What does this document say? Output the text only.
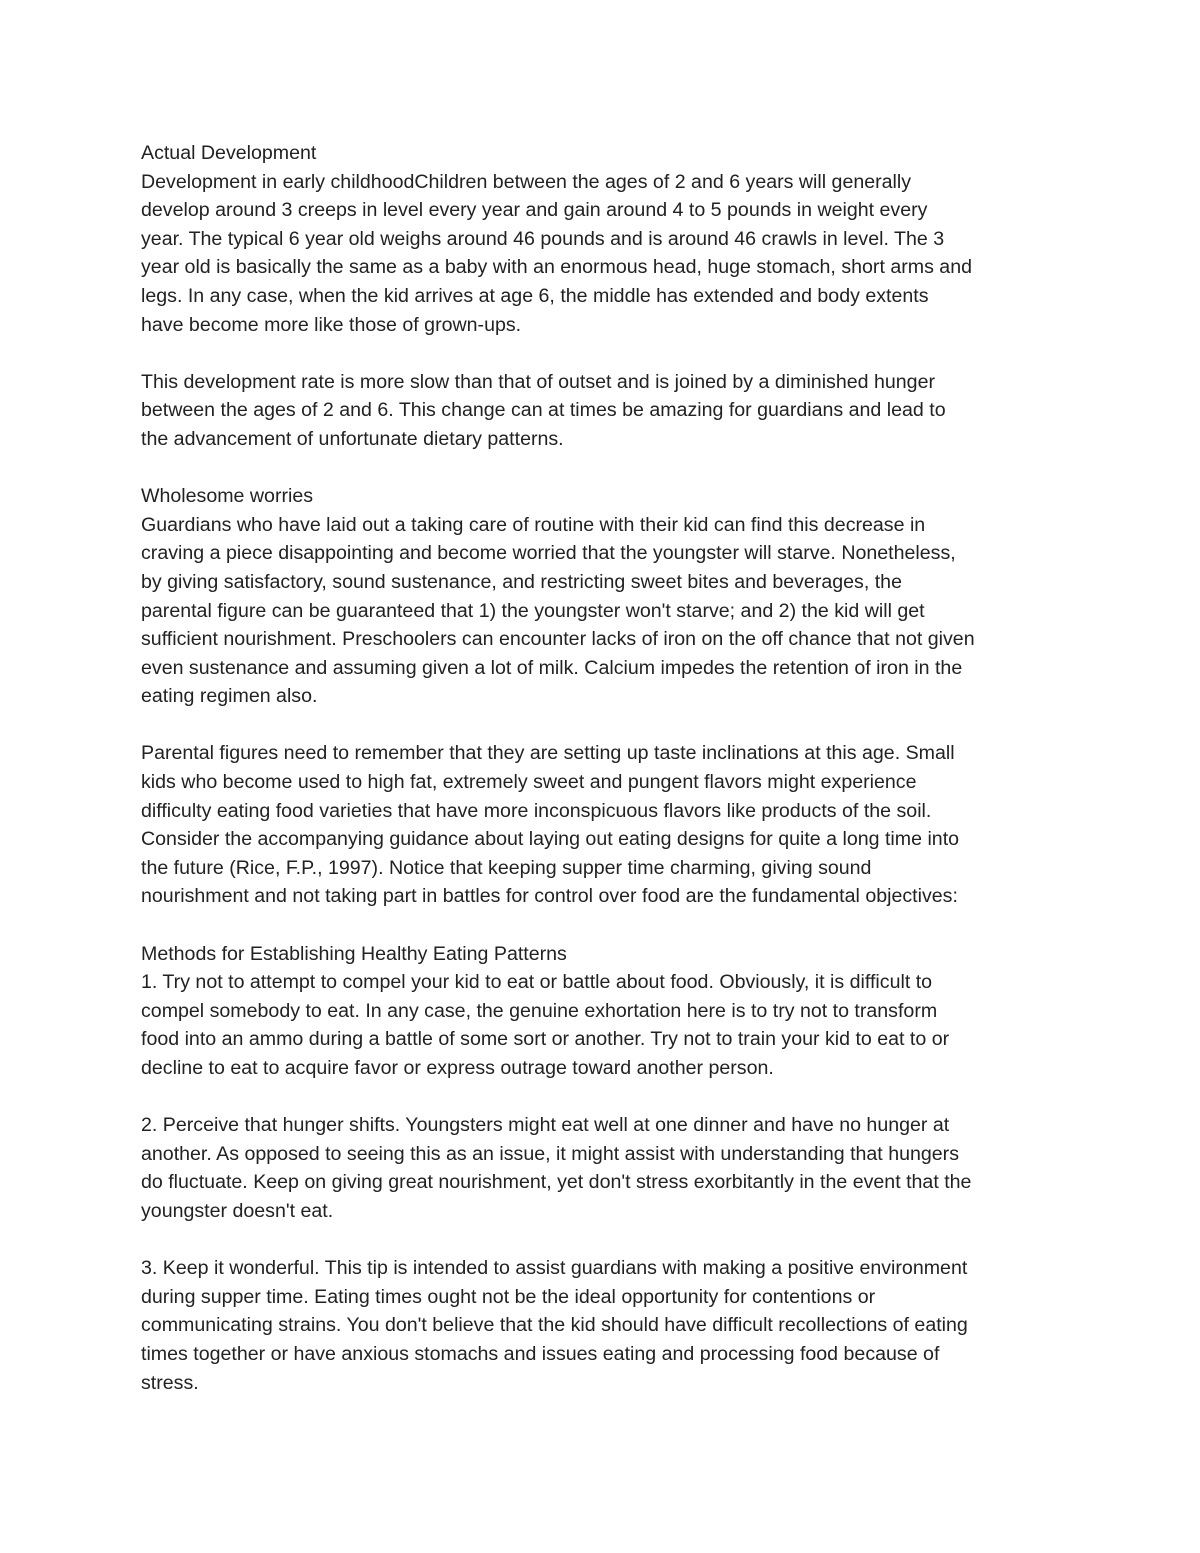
Actual Development
Development in early childhoodChildren between the ages of 2 and 6 years will generally
develop around 3 creeps in level every year and gain around 4 to 5 pounds in weight every
year. The typical 6 year old weighs around 46 pounds and is around 46 crawls in level. The 3
year old is basically the same as a baby with an enormous head, huge stomach, short arms and
legs. In any case, when the kid arrives at age 6, the middle has extended and body extents
have become more like those of grown-ups.
This development rate is more slow than that of outset and is joined by a diminished hunger
between the ages of 2 and 6. This change can at times be amazing for guardians and lead to
the advancement of unfortunate dietary patterns.
Wholesome worries
Guardians who have laid out a taking care of routine with their kid can find this decrease in
craving a piece disappointing and become worried that the youngster will starve. Nonetheless,
by giving satisfactory, sound sustenance, and restricting sweet bites and beverages, the
parental figure can be guaranteed that 1) the youngster won't starve; and 2) the kid will get
sufficient nourishment. Preschoolers can encounter lacks of iron on the off chance that not given
even sustenance and assuming given a lot of milk. Calcium impedes the retention of iron in the
eating regimen also.
Parental figures need to remember that they are setting up taste inclinations at this age. Small
kids who become used to high fat, extremely sweet and pungent flavors might experience
difficulty eating food varieties that have more inconspicuous flavors like products of the soil.
Consider the accompanying guidance about laying out eating designs for quite a long time into
the future (Rice, F.P., 1997). Notice that keeping supper time charming, giving sound
nourishment and not taking part in battles for control over food are the fundamental objectives:
Methods for Establishing Healthy Eating Patterns
1. Try not to attempt to compel your kid to eat or battle about food. Obviously, it is difficult to
compel somebody to eat. In any case, the genuine exhortation here is to try not to transform
food into an ammo during a battle of some sort or another. Try not to train your kid to eat to or
decline to eat to acquire favor or express outrage toward another person.
2. Perceive that hunger shifts. Youngsters might eat well at one dinner and have no hunger at
another. As opposed to seeing this as an issue, it might assist with understanding that hungers
do fluctuate. Keep on giving great nourishment, yet don't stress exorbitantly in the event that the
youngster doesn't eat.
3. Keep it wonderful. This tip is intended to assist guardians with making a positive environment
during supper time. Eating times ought not be the ideal opportunity for contentions or
communicating strains. You don't believe that the kid should have difficult recollections of eating
times together or have anxious stomachs and issues eating and processing food because of
stress.
